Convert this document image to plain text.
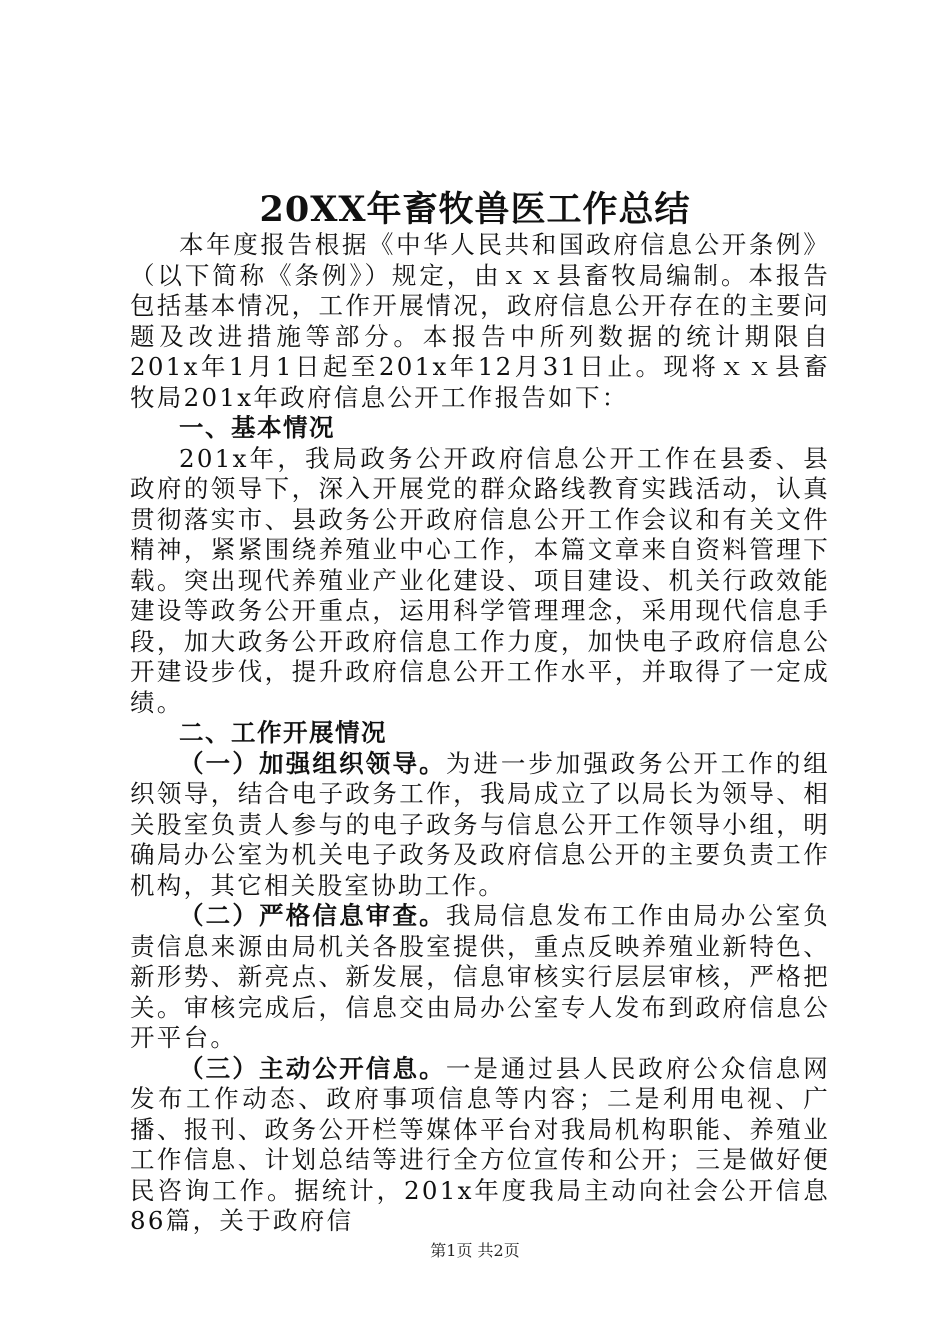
20XX年畜牧兽医工作总结

本年度报告根据《中华人民共和国政府信息公开条例》（以下简称《条例》）规定，由ｘｘ县畜牧局编制。本报告包括基本情况，工作开展情况，政府信息公开存在的主要问题及改进措施等部分。本报告中所列数据的统计期限自201x年1月1日起至201x年12月31日止。现将ｘｘ县畜牧局201x年政府信息公开工作报告如下：

一、基本情况

201x年，我局政务公开政府信息公开工作在县委、县政府的领导下，深入开展党的群众路线教育实践活动，认真贯彻落实市、县政务公开政府信息公开工作会议和有关文件精神，紧紧围绕养殖业中心工作，本篇文章来自资料管理下载。突出现代养殖业产业化建设、项目建设、机关行政效能建设等政务公开重点，运用科学管理理念，采用现代信息手段，加大政务公开政府信息工作力度，加快电子政府信息公开建设步伐，提升政府信息公开工作水平，并取得了一定成绩。

二、工作开展情况

（一）加强组织领导。为进一步加强政务公开工作的组织领导，结合电子政务工作，我局成立了以局长为领导、相关股室负责人参与的电子政务与信息公开工作领导小组，明确局办公室为机关电子政务及政府信息公开的主要负责工作机构，其它相关股室协助工作。

（二）严格信息审查。我局信息发布工作由局办公室负责信息来源由局机关各股室提供，重点反映养殖业新特色、新形势、新亮点、新发展，信息审核实行层层审核，严格把关。审核完成后，信息交由局办公室专人发布到政府信息公开平台。

（三）主动公开信息。一是通过县人民政府公众信息网发布工作动态、政府事项信息等内容；二是利用电视、广播、报刊、政务公开栏等媒体平台对我局机构职能、养殖业工作信息、计划总结等进行全方位宣传和公开；三是做好便民咨询工作。据统计，201x年度我局主动向社会公开信息86篇，关于政府信

第1页 共2页
